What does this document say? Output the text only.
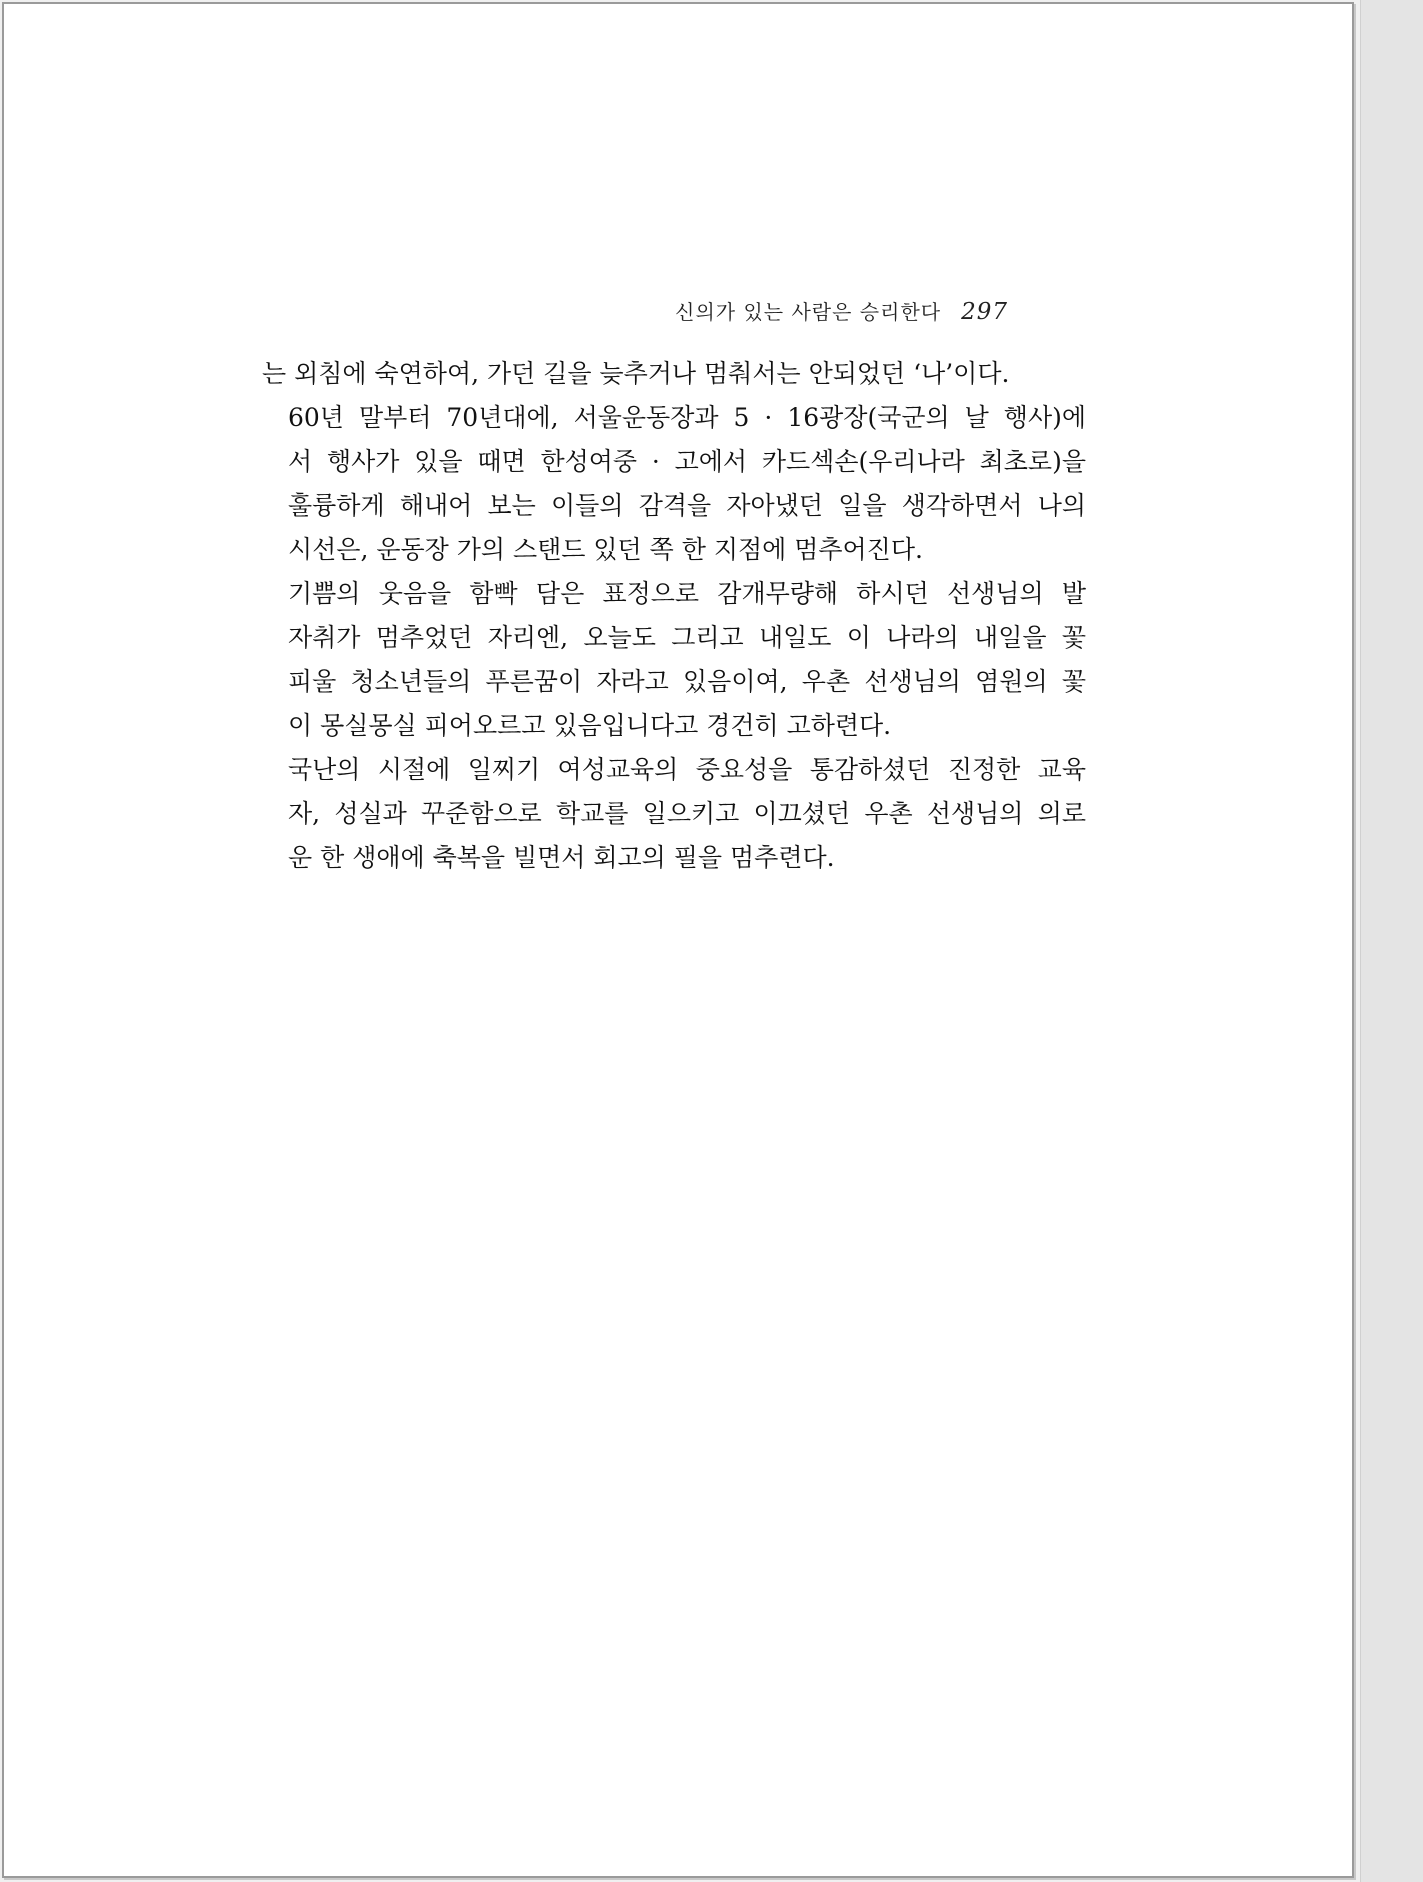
신의가 있는 사람은 승리한다 297

는 외침에 숙연하여, 가던 길을 늦추거나 멈춰서는 안되었던 ‘나’이다.

60년 말부터 70년대에, 서울운동장과 5 · 16광장(국군의 날 행사)에
서 행사가 있을 때면 한성여중 · 고에서 카드섹손(우리나라 최초로)을
훌륭하게 해내어 보는 이들의 감격을 자아냈던 일을 생각하면서 나의
시선은, 운동장 가의 스탠드 있던 쪽 한 지점에 멈추어진다.

기쁨의 웃음을 함빡 담은 표정으로 감개무량해 하시던 선생님의 발
자취가 멈추었던 자리엔, 오늘도 그리고 내일도 이 나라의 내일을 꽃
피울 청소년들의 푸른꿈이 자라고 있음이여, 우촌 선생님의 염원의 꽃
이 몽실몽실 피어오르고 있음입니다고 경건히 고하련다.

국난의 시절에 일찌기 여성교육의 중요성을 통감하셨던 진정한 교육
자, 성실과 꾸준함으로 학교를 일으키고 이끄셨던 우촌 선생님의 의로
운 한 생애에 축복을 빌면서 회고의 필을 멈추련다.
